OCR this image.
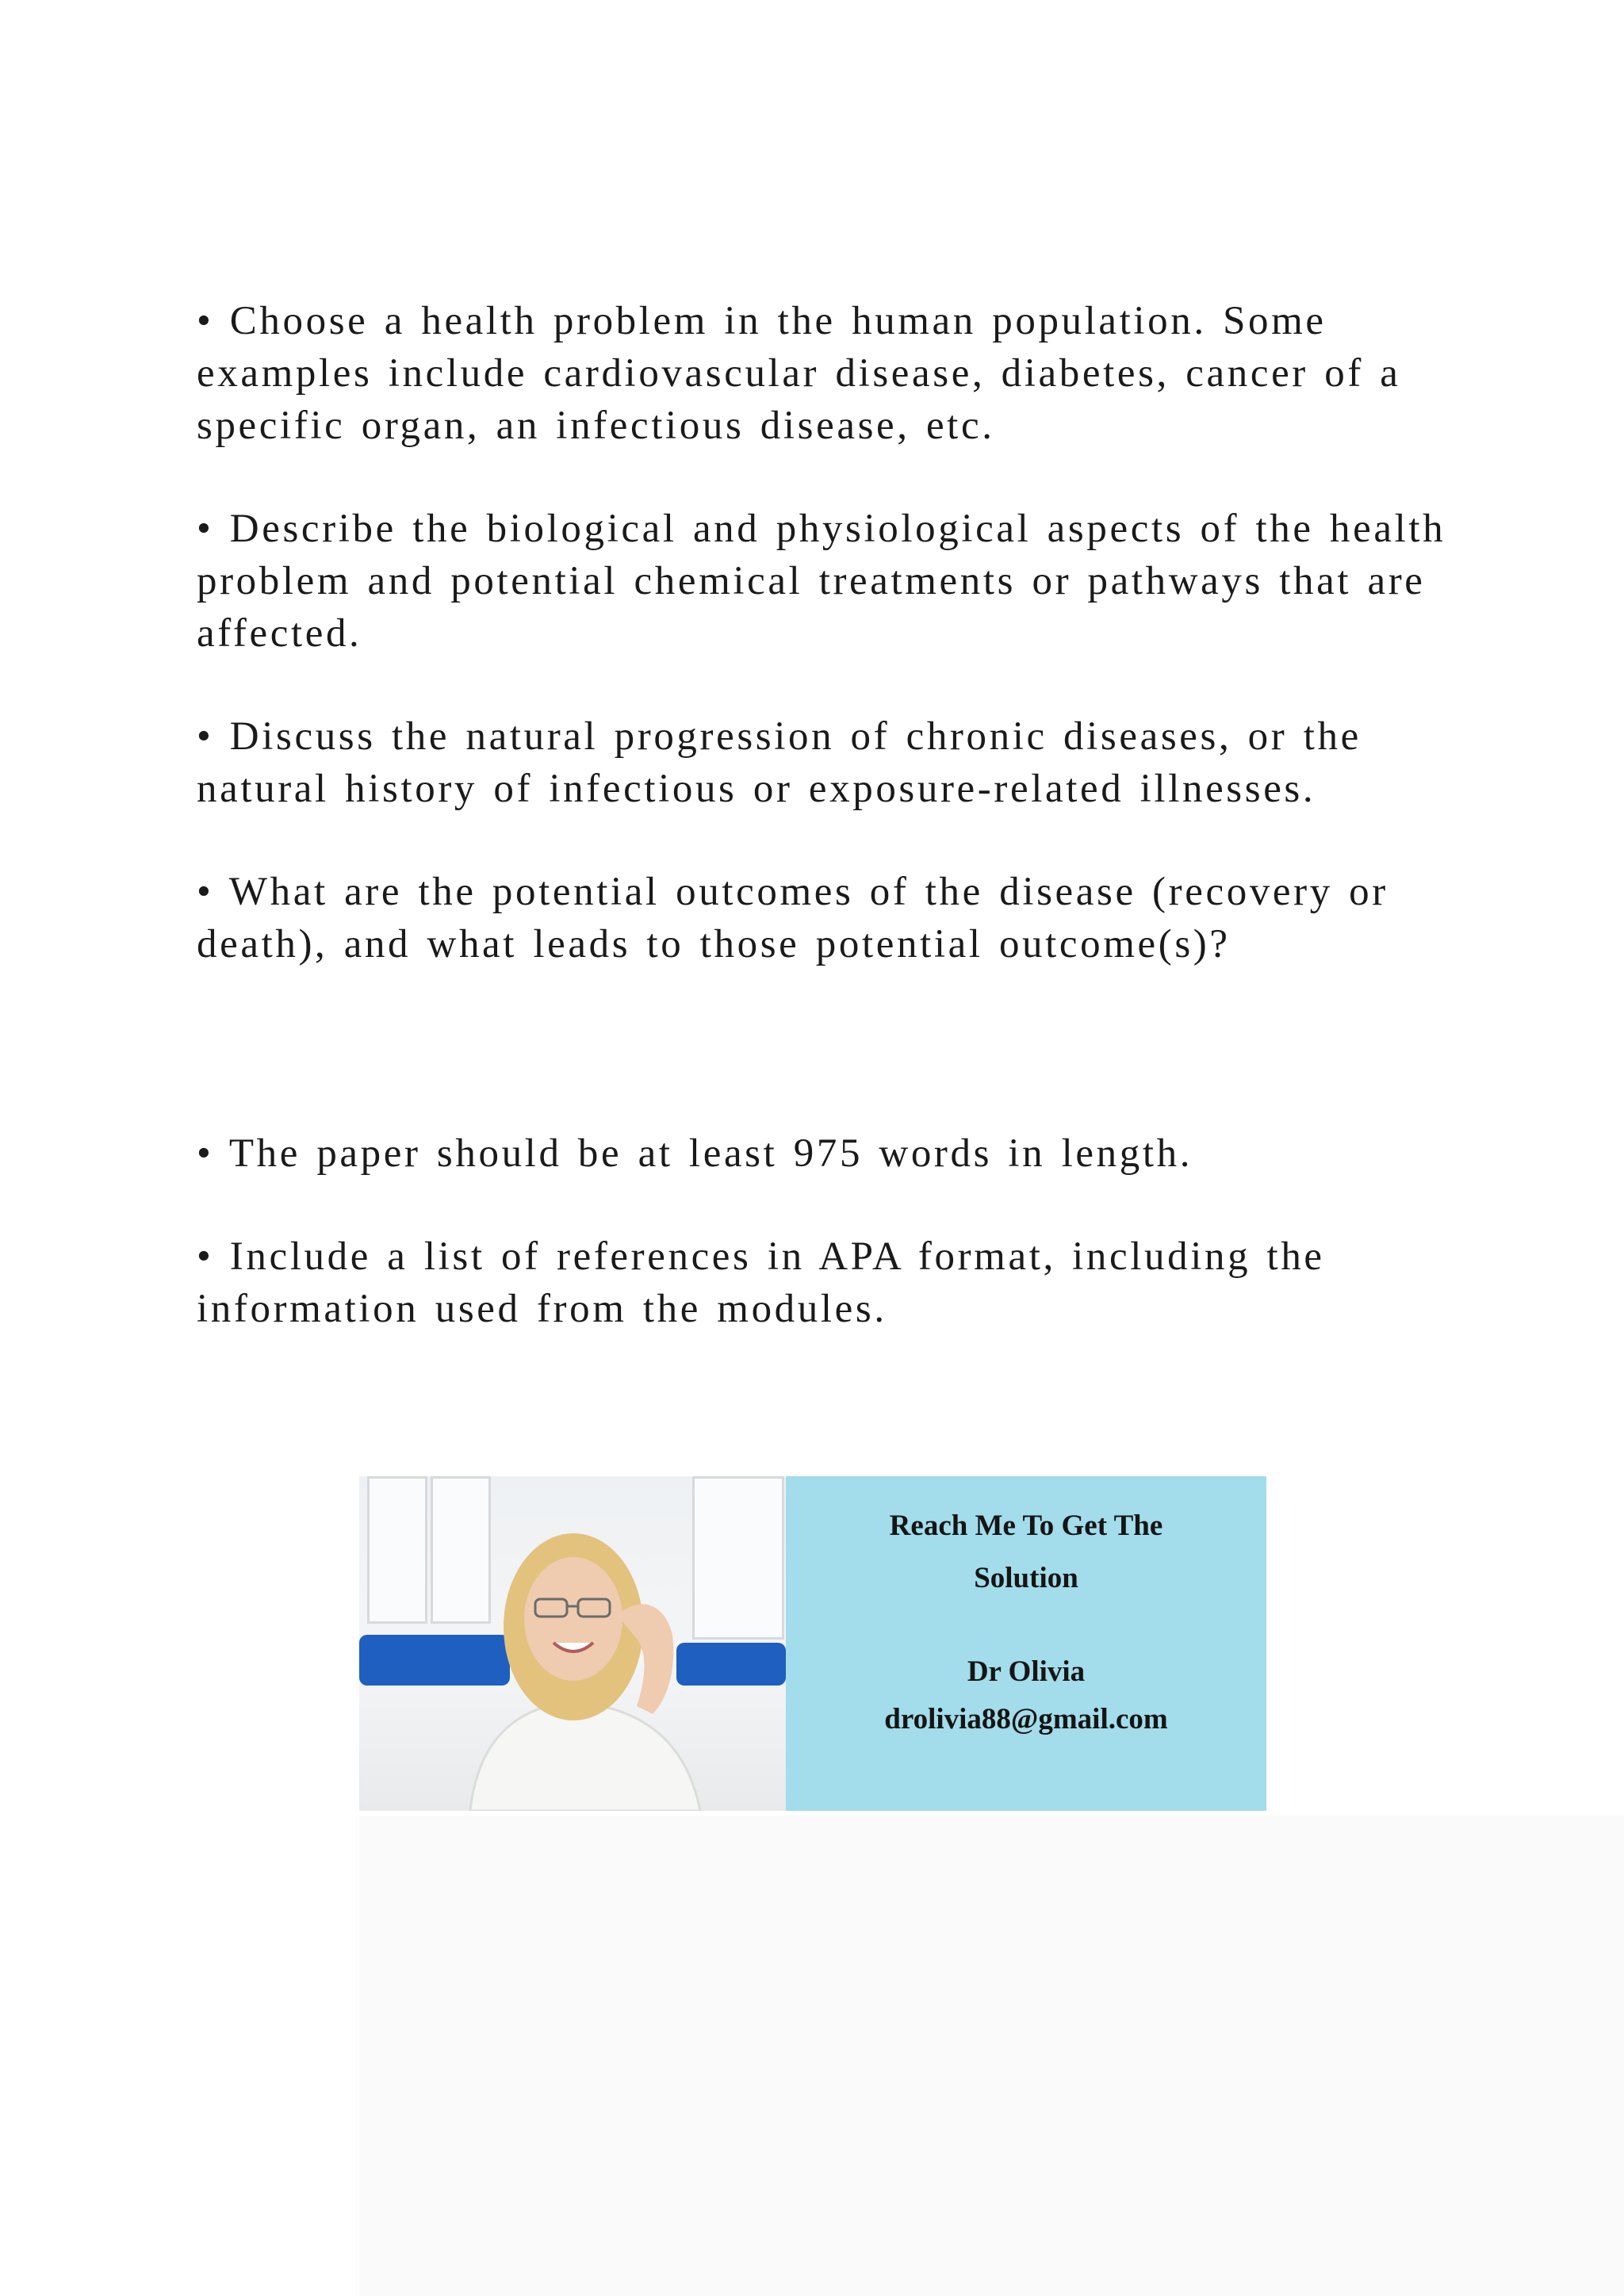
• Choose a health problem in the human population. Some examples include cardiovascular disease, diabetes, cancer of a specific organ, an infectious disease, etc.

• Describe the biological and physiological aspects of the health problem and potential chemical treatments or pathways that are affected.

• Discuss the natural progression of chronic diseases, or the natural history of infectious or exposure-related illnesses.

• What are the potential outcomes of the disease (recovery or death), and what leads to those potential outcome(s)?

• The paper should be at least 975 words in length.

• Include a list of references in APA format, including the information used from the modules.

Reach Me To Get The
Solution
Dr Olivia
drolivia88@gmail.com
